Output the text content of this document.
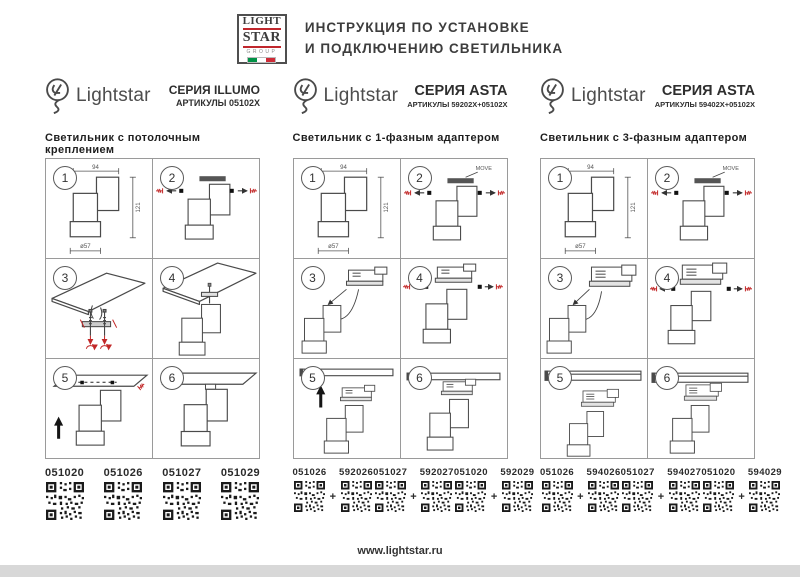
LIGHT
STAR
GROUP
ИНСТРУКЦИЯ ПО УСТАНОВКЕ
И ПОДКЛЮЧЕНИЮ СВЕТИЛЬНИКА
Lightstar СЕРИЯ ILLUMO
АРТИКУЛЫ 05102X
Светильник с потолочным креплением
1
94
121
ø57
2
3	4
5	6
051020 051026 051027 051029
Lightstar	СЕРИЯ ASTA
АРТИКУЛЫ 59202X+05102X
Светильник с 1-фазным адаптером
1
94
121
ø57
2
MOVE
3	4
5	6
051026
+
592026 051027
+
592027 051020
+
592029
Lightstar	СЕРИЯ ASTA
АРТИКУЛЫ 59402X+05102X
Светильник с 3-фазным адаптером
1
94
121
ø57
2
MOVE
3	4
5	6
051026
+
594026 051027
+
594027 051020
+
594029
www.lightstar.ru
